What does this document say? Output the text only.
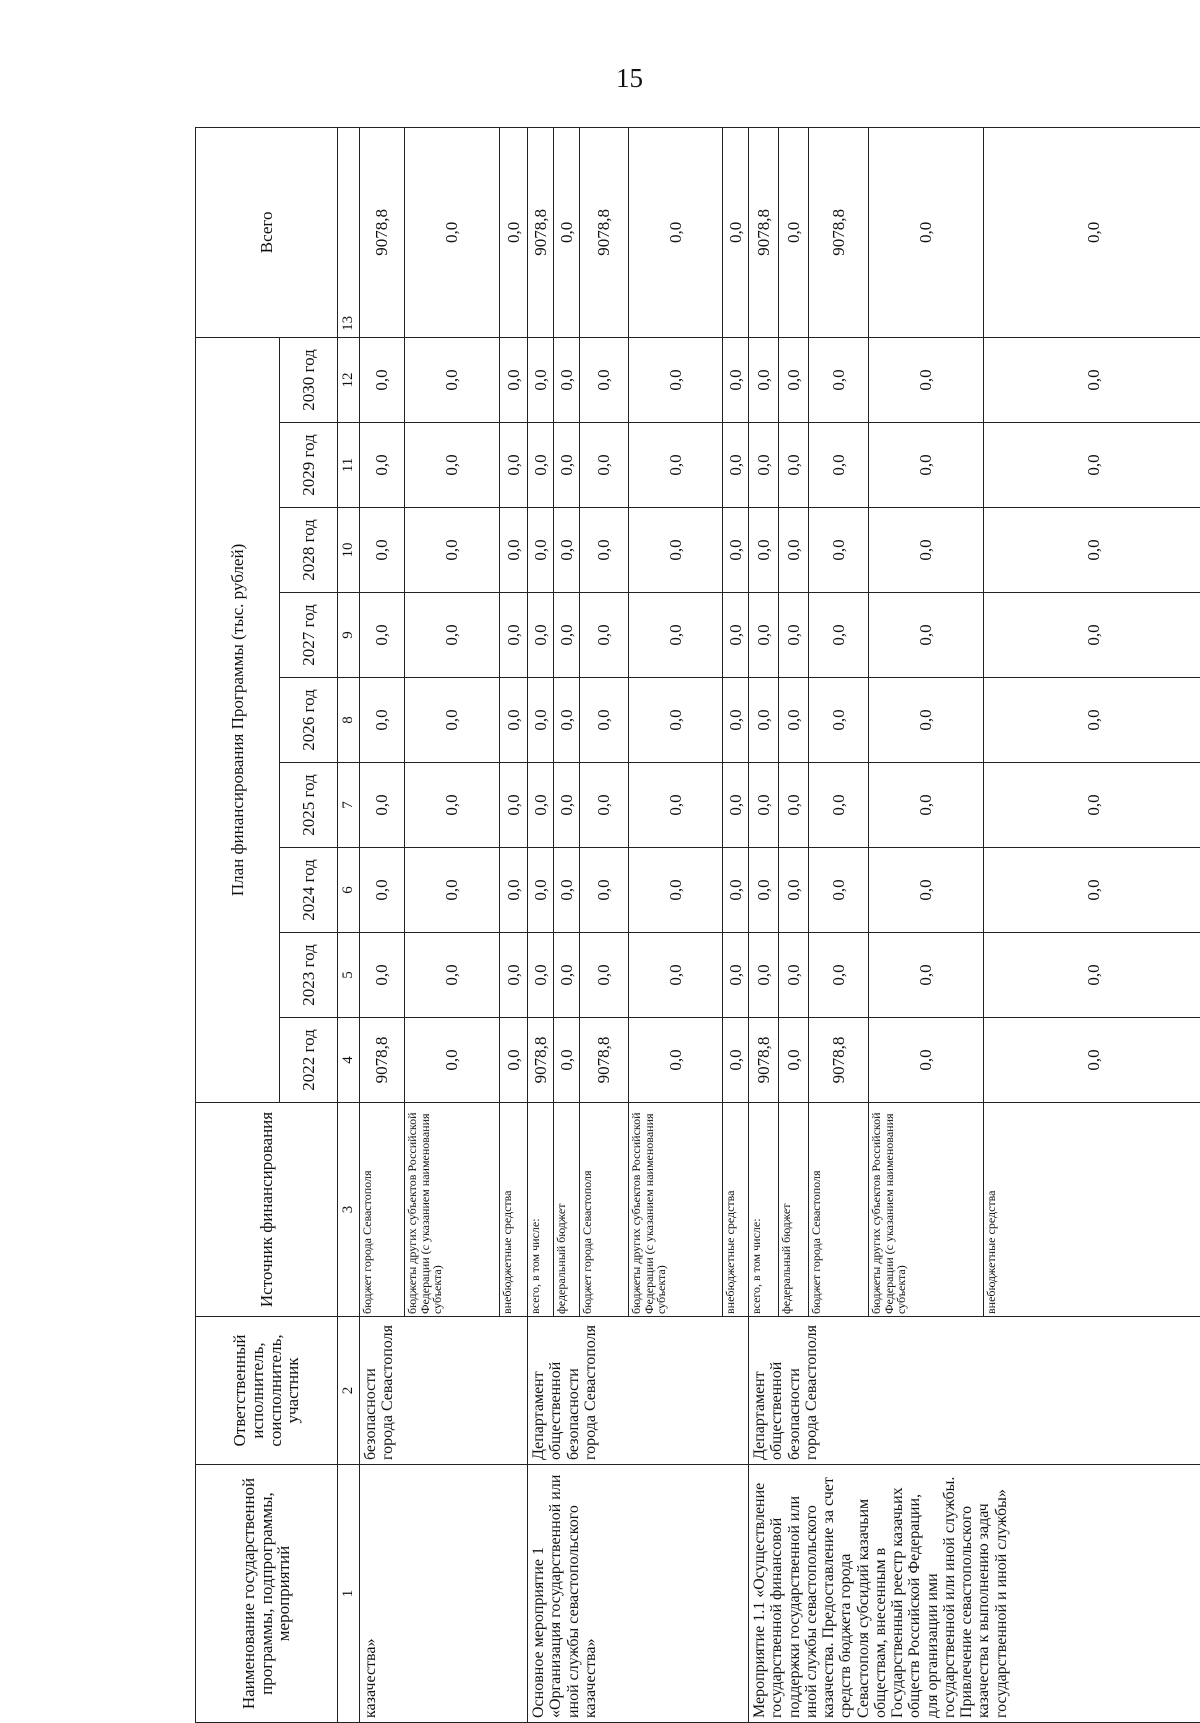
15
Наименование государственной программы, подпрограммы, мероприятий	Ответственный исполнитель, соисполнитель, участник	Источник финансирования	План финансирования Программы (тыс. рублей)									Всего
			2022 год	2023 год	2024 год	2025 год	2026 год	2027 год	2028 год	2029 год	2030 год	
1	2	3	4	5	6	7	8	9	10	11	12	13
казачества»	безопасности города Севастополя	бюджет города Севастополя	9078,8	0,0	0,0	0,0	0,0	0,0	0,0	0,0	0,0	9078,8
		бюджеты других субъектов Российской Федерации (с указанием наименования субъекта)	0,0	0,0	0,0	0,0	0,0	0,0	0,0	0,0	0,0	0,0
		внебюджетные средства	0,0	0,0	0,0	0,0	0,0	0,0	0,0	0,0	0,0	0,0
Основное мероприятие 1 «Организация государственной или иной службы севастопольского казачества»	Департамент общественной безопасности города Севастополя	всего, в том числе:	9078,8	0,0	0,0	0,0	0,0	0,0	0,0	0,0	0,0	9078,8
		федеральный бюджет	0,0	0,0	0,0	0,0	0,0	0,0	0,0	0,0	0,0	0,0
		бюджет города Севастополя	9078,8	0,0	0,0	0,0	0,0	0,0	0,0	0,0	0,0	9078,8
		бюджеты других субъектов Российской Федерации (с указанием наименования субъекта)	0,0	0,0	0,0	0,0	0,0	0,0	0,0	0,0	0,0	0,0
		внебюджетные средства	0,0	0,0	0,0	0,0	0,0	0,0	0,0	0,0	0,0	0,0
Мероприятие 1.1 «Осуществление государственной финансовой поддержки государственной или иной службы севастопольского казачества. Предоставление за счет средств бюджета города Севастополя субсидий казачьим обществам, внесенным в Государственный реестр казачьих обществ Российской Федерации, для организации ими государственной или иной службы. Привлечение севастопольского казачества к выполнению задач государственной и иной службы»	Департамент общественной безопасности города Севастополя	всего, в том числе:	9078,8	0,0	0,0	0,0	0,0	0,0	0,0	0,0	0,0	9078,8
		федеральный бюджет	0,0	0,0	0,0	0,0	0,0	0,0	0,0	0,0	0,0	0,0
		бюджет города Севастополя	9078,8	0,0	0,0	0,0	0,0	0,0	0,0	0,0	0,0	9078,8
		бюджеты других субъектов Российской Федерации (с указанием наименования субъекта)	0,0	0,0	0,0	0,0	0,0	0,0	0,0	0,0	0,0	0,0
		внебюджетные средства	0,0	0,0	0,0	0,0	0,0	0,0	0,0	0,0	0,0	0,0
